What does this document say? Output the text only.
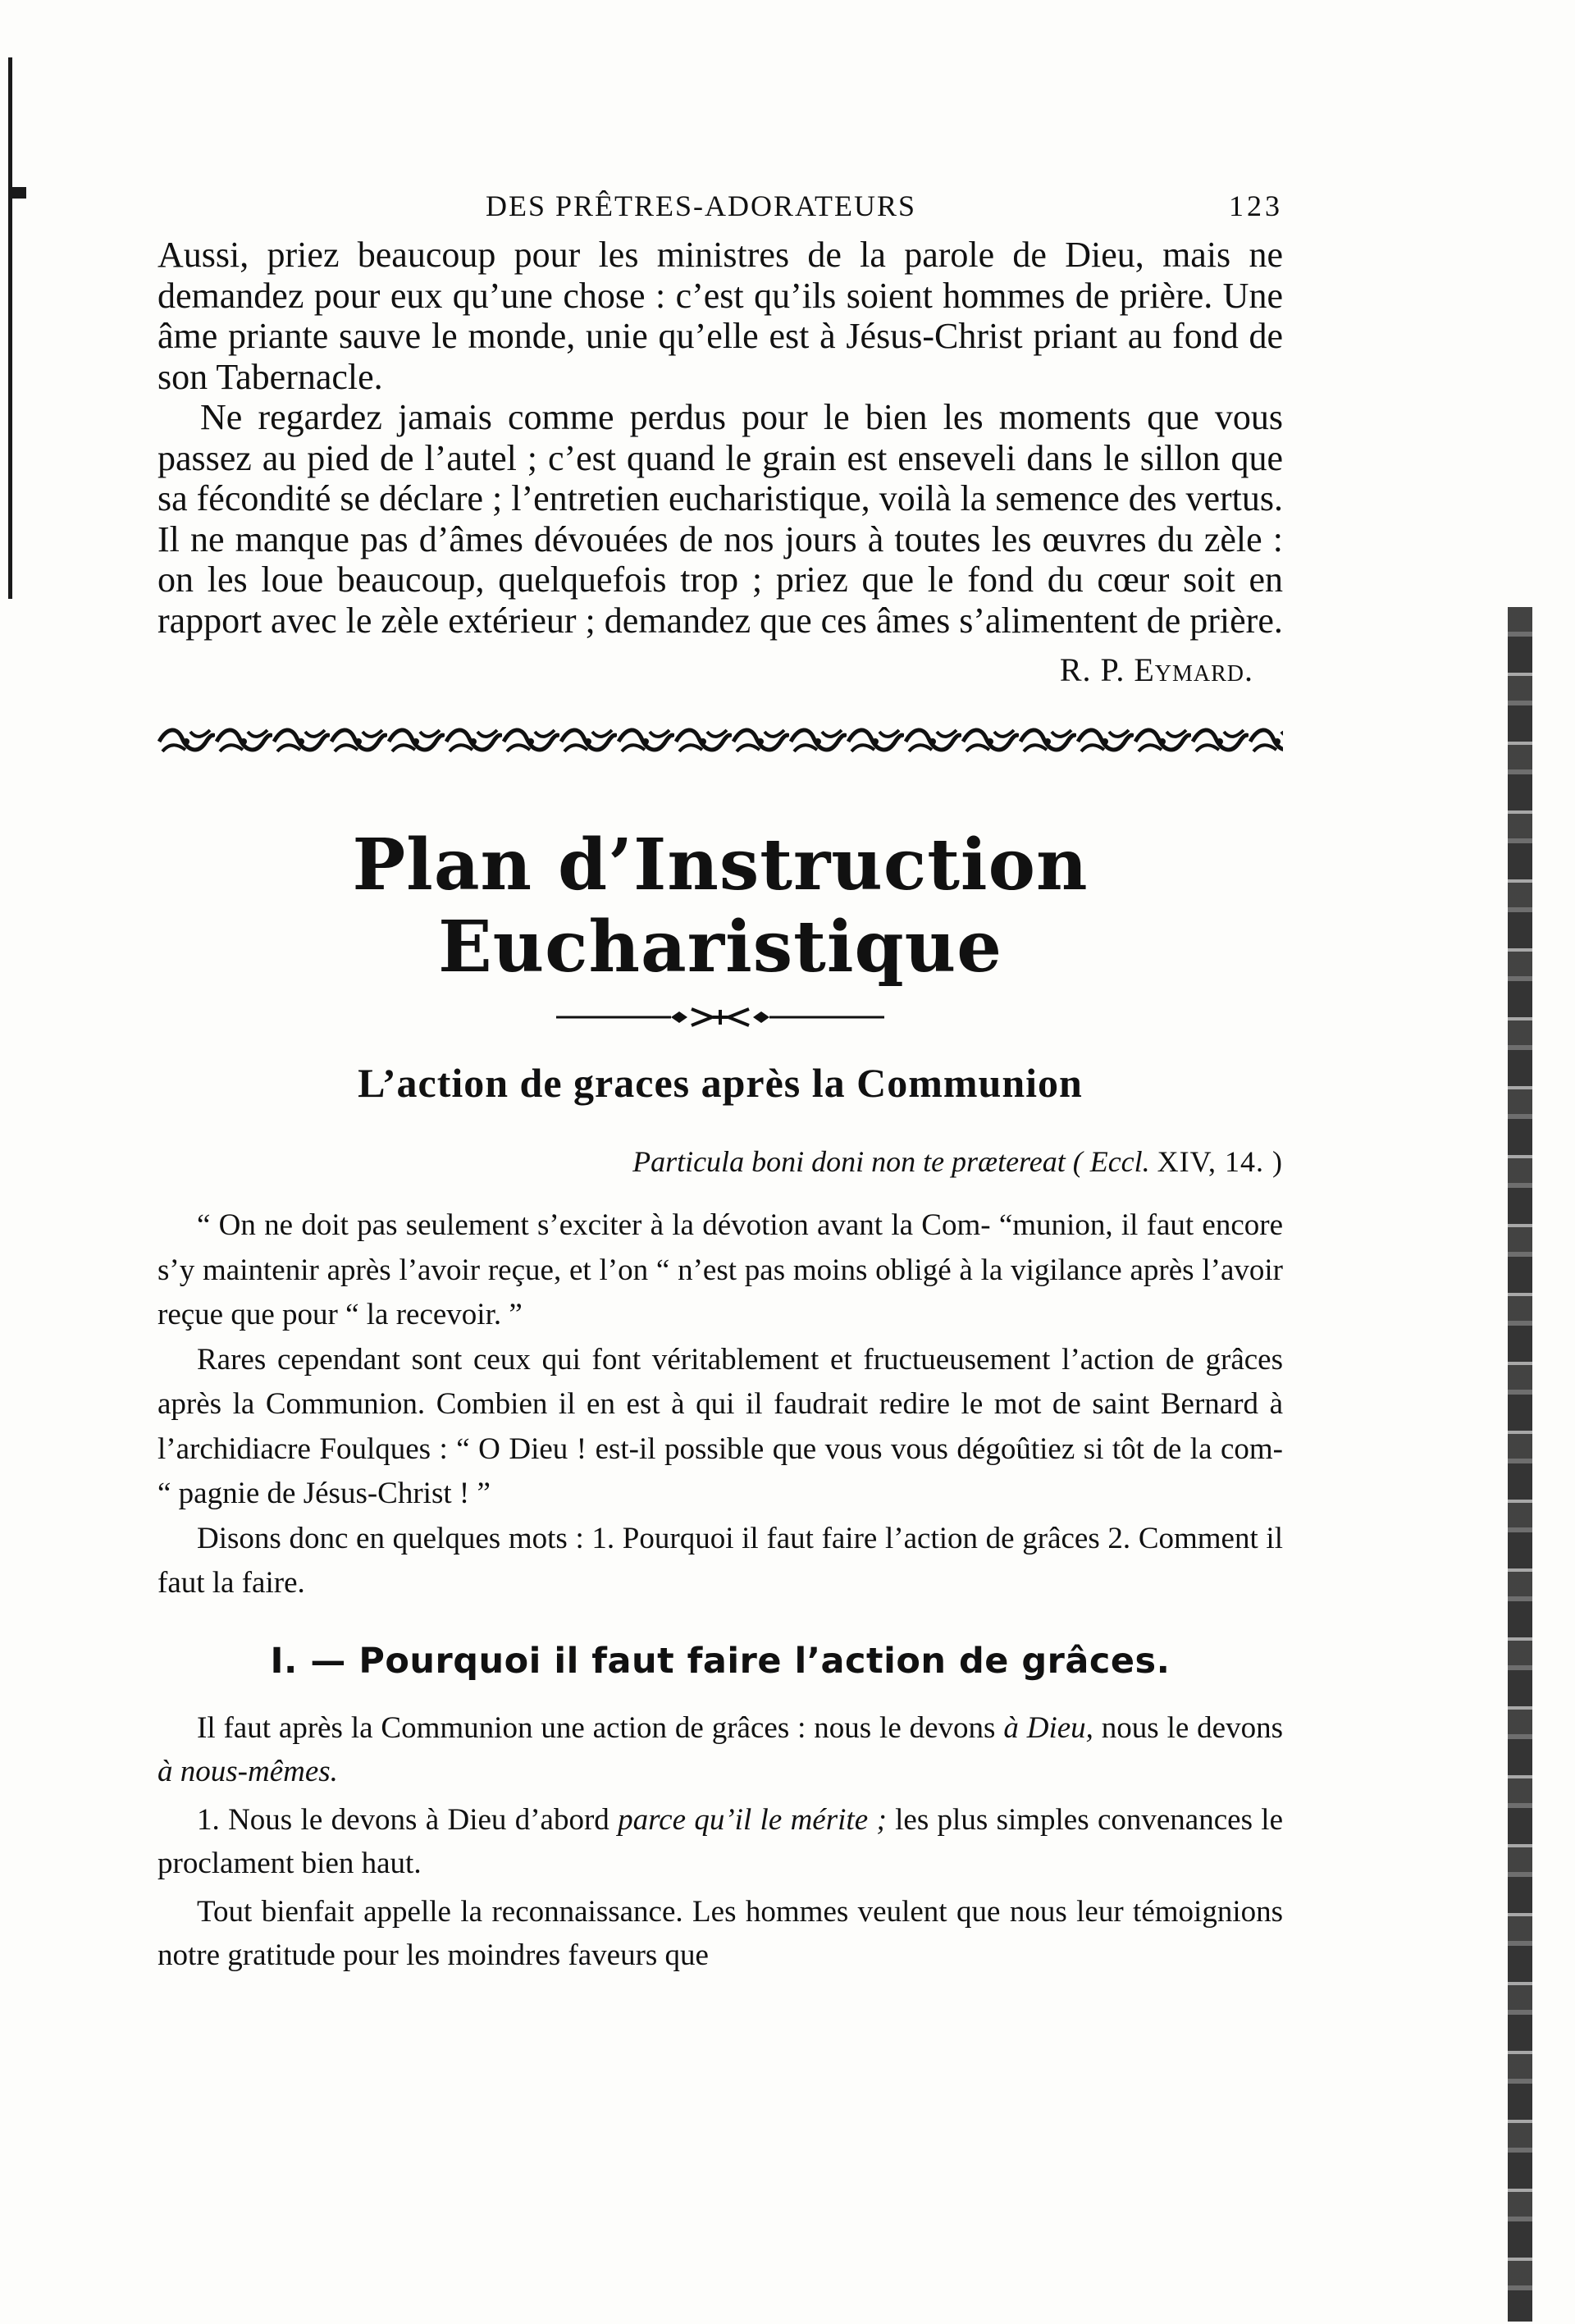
DES PRÊTRES-ADORATEURS	123

Aussi, priez beaucoup pour les ministres de la parole de Dieu, mais ne demandez pour eux qu’une chose : c’est qu’ils soient hommes de prière. Une âme priante sauve le monde, unie qu’elle est à Jésus-Christ priant au fond de son Tabernacle.

Ne regardez jamais comme perdus pour le bien les moments que vous passez au pied de l’autel ; c’est quand le grain est enseveli dans le sillon que sa fécondité se déclare ; l’entretien eucharistique, voilà la semence des vertus. Il ne manque pas d’âmes dévouées de nos jours à toutes les œuvres du zèle : on les loue beaucoup, quelquefois trop ; priez que le fond du cœur soit en rapport avec le zèle extérieur ; demandez que ces âmes s’alimentent de prière.

R. P. Eymard.
Plan d’Instruction Eucharistique
L’action de graces après la Communion
Particula boni doni non te prætereat ( Eccl. XIV, 14. )

“ On ne doit pas seulement s’exciter à la dévotion avant la Com- “munion, il faut encore s’y maintenir après l’avoir reçue, et l’on “ n’est pas moins obligé à la vigilance après l’avoir reçue que pour “ la recevoir. ”

Rares cependant sont ceux qui font véritablement et fructueusement l’action de grâces après la Communion. Combien il en est à qui il faudrait redire le mot de saint Bernard à l’archidiacre Foulques : “ O Dieu ! est-il possible que vous vous dégoûtiez si tôt de la com- “ pagnie de Jésus-Christ ! ”

Disons donc en quelques mots : 1. Pourquoi il faut faire l’action de grâces 2. Comment il faut la faire.

I. — Pourquoi il faut faire l’action de grâces.

Il faut après la Communion une action de grâces : nous le devons à Dieu, nous le devons à nous-mêmes.

1. Nous le devons à Dieu d’abord parce qu’il le mérite ; les plus simples convenances le proclament bien haut.

Tout bienfait appelle la reconnaissance. Les hommes veulent que nous leur témoignions notre gratitude pour les moindres faveurs que
